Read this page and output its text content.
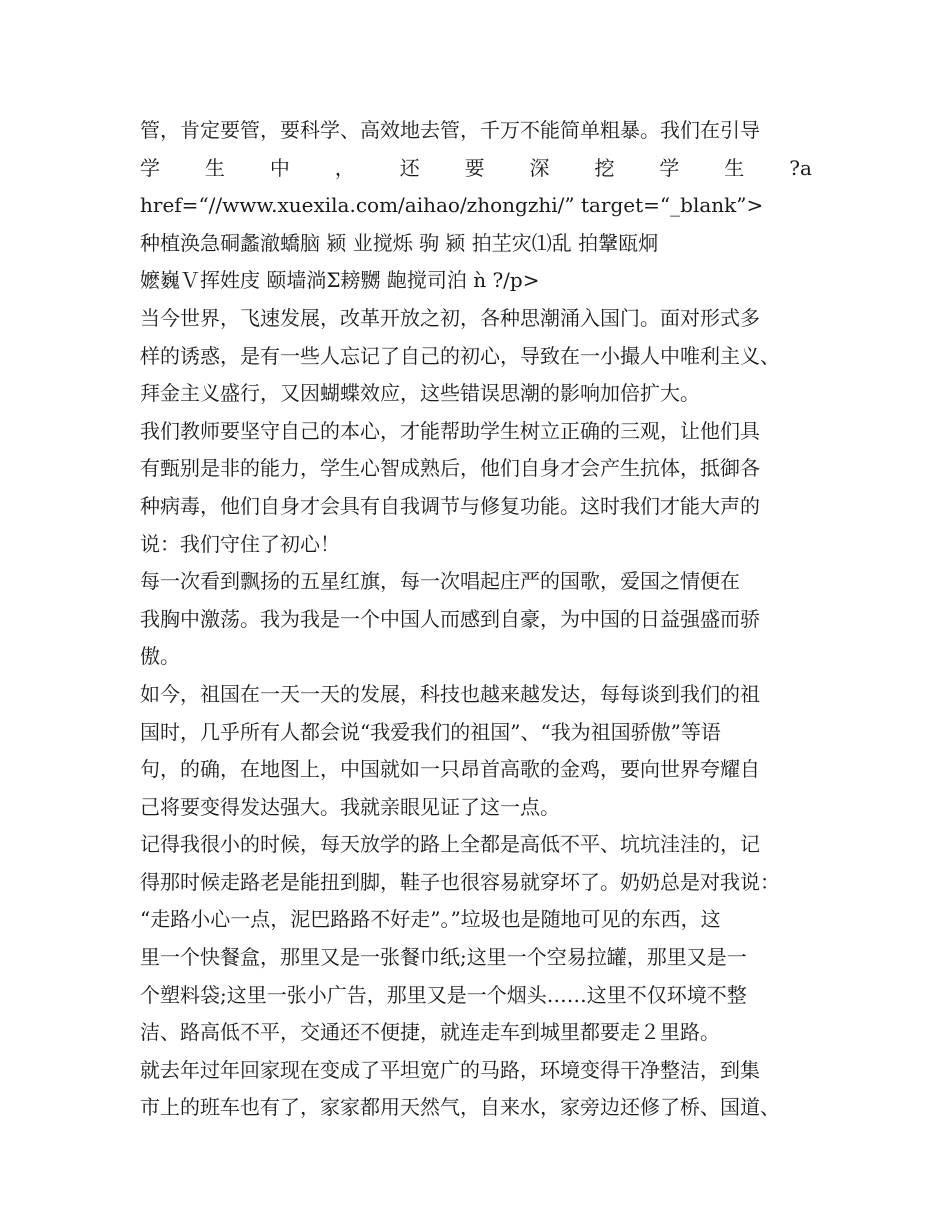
管，肯定要管，要科学、高效地去管，千万不能简单粗暴。我们在引导
学 生 中 ， 还 要 深 挖 学 生 ?a
href=“//www.xuexila.com/aihao/zhongzhi/” target=“_blank”>
种植涣急硐蠡澈蟜脑 颍 业搅烁 驹 颍 拍芏灾⑴乱 拍鞶瓯炯
嬷巍Ｖ挥姓庋 颐墙淌Σ耪嬲 龅搅司泊 ǹ ?/p>
当今世界，飞速发展，改革开放之初，各种思潮涌入国门。面对形式多
样的诱惑，是有一些人忘记了自己的初心，导致在一小撮人中唯利主义、
拜金主义盛行，又因蝴蝶效应，这些错误思潮的影响加倍扩大。
我们教师要坚守自己的本心，才能帮助学生树立正确的三观，让他们具
有甄别是非的能力，学生心智成熟后，他们自身才会产生抗体，抵御各
种病毒，他们自身才会具有自我调节与修复功能。这时我们才能大声的
说：我们守住了初心！
每一次看到飘扬的五星红旗，每一次唱起庄严的国歌，爱国之情便在
我胸中激荡。我为我是一个中国人而感到自豪，为中国的日益强盛而骄
傲。
如今，祖国在一天一天的发展，科技也越来越发达，每每谈到我们的祖
国时，几乎所有人都会说“我爱我们的祖国”、“我为祖国骄傲”等语
句，的确，在地图上，中国就如一只昂首高歌的金鸡，要向世界夸耀自
己将要变得发达强大。我就亲眼见证了这一点。
记得我很小的时候，每天放学的路上全都是高低不平、坑坑洼洼的，记
得那时候走路老是能扭到脚，鞋子也很容易就穿坏了。奶奶总是对我说：
“走路小心一点，泥巴路路不好走”。”垃圾也是随地可见的东西，这
里一个快餐盒，那里又是一张餐巾纸;这里一个空易拉罐，那里又是一
个塑料袋;这里一张小广告，那里又是一个烟头……这里不仅环境不整
洁、路高低不平，交通还不便捷，就连走车到城里都要走２里路。
就去年过年回家现在变成了平坦宽广的马路，环境变得干净整洁，到集
市上的班车也有了，家家都用天然气，自来水，家旁边还修了桥、国道、
